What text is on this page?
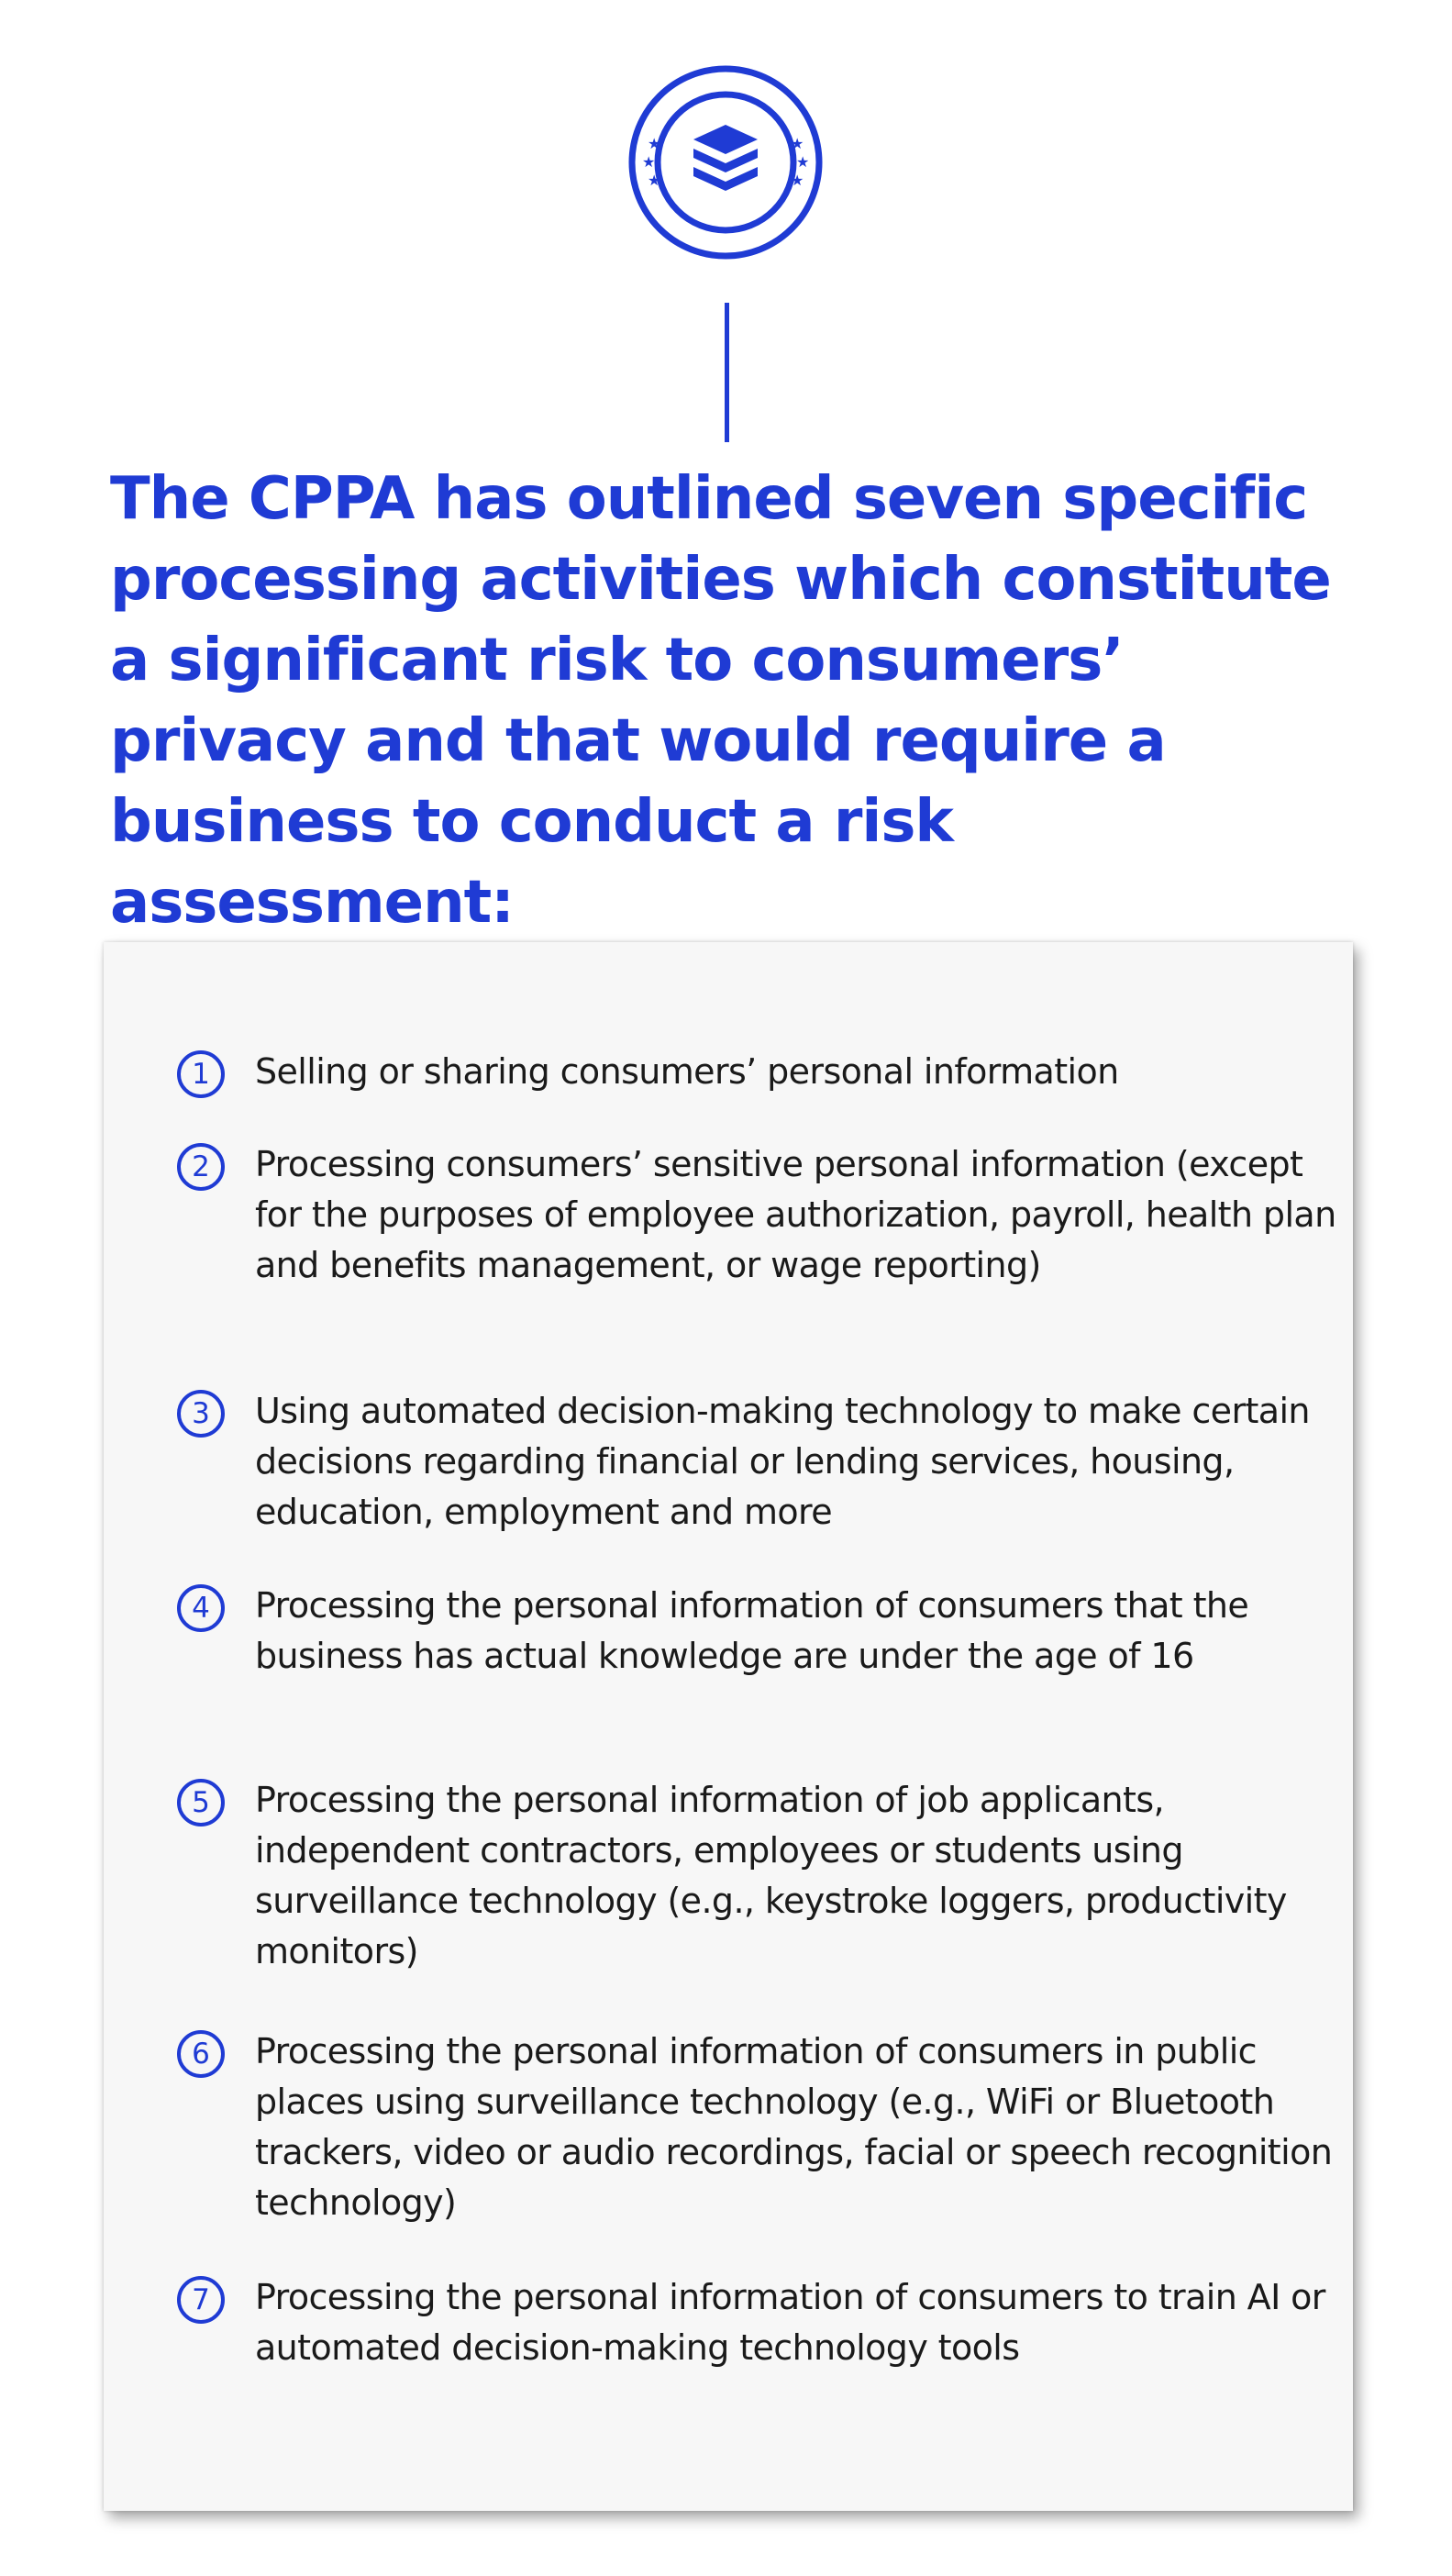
★
★
★
★
★
★
The CPPA has outlined seven specific processing activities which constitute a significant risk to consumers’ privacy and that would require a business to conduct a risk assessment:
1	Selling or sharing consumers’ personal information
2	Processing consumers’ sensitive personal information (except for the purposes of employee authorization, payroll, health plan and benefits management, or wage reporting)
3	Using automated decision-making technology to make certain decisions regarding financial or lending services, housing, education, employment and more
4	Processing the personal information of consumers that the business has actual knowledge are under the age of 16
5	Processing the personal information of job applicants, independent contractors, employees or students using surveillance technology (e.g., keystroke loggers, productivity monitors)
6	Processing the personal information of consumers in public places using surveillance technology (e.g., WiFi or Bluetooth trackers, video or audio recordings, facial or speech recognition technology)
7	Processing the personal information of consumers to train AI or automated decision-making technology tools
